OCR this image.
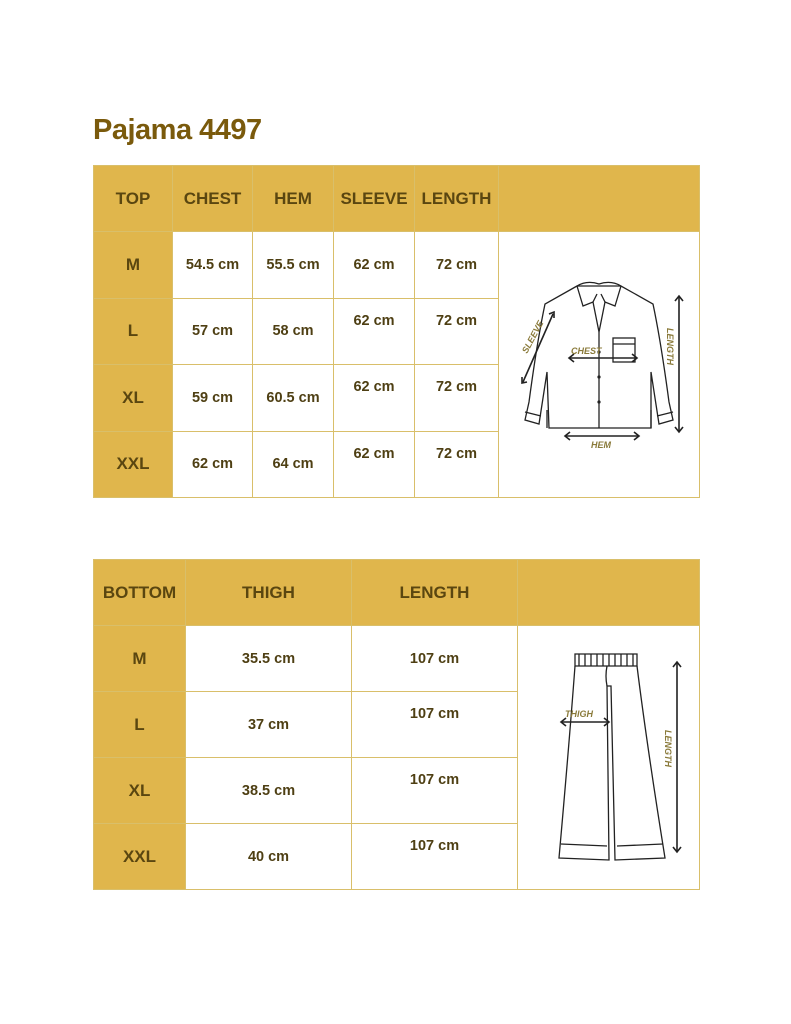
Pajama 4497
TOP	CHEST	HEM	SLEEVE	LENGTH	
M	54.5 cm	55.5 cm	62 cm	72 cm	SLEEVE CHEST LENGTH
HEM

L	57 cm	58 cm	62 cm	72 cm	
XL	59 cm	60.5 cm	62 cm	72 cm	
XXL	62 cm	64 cm	62 cm	72 cm	
BOTTOM	THIGH	LENGTH	
M	35.5 cm	107 cm	THIGH
LENGTH

L	37 cm	107 cm	
XL	38.5 cm	107 cm	
XXL	40 cm	107 cm	
